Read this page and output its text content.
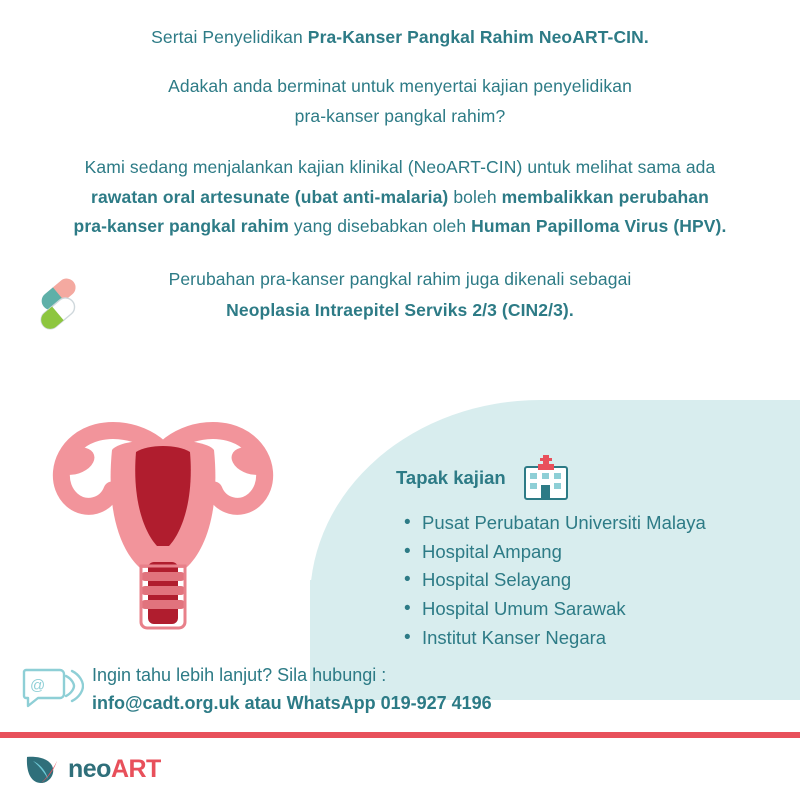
Sertai Penyelidikan Pra-Kanser Pangkal Rahim NeoART-CIN.
Adakah anda berminat untuk menyertai kajian penyelidikan
pra-kanser pangkal rahim?
Kami sedang menjalankan kajian klinikal (NeoART-CIN) untuk melihat sama ada
rawatan oral artesunate (ubat anti-malaria) boleh membalikkan perubahan
pra-kanser pangkal rahim yang disebabkan oleh Human Papilloma Virus (HPV).
Perubahan pra-kanser pangkal rahim juga dikenali sebagai
Neoplasia Intraepitel Serviks 2/3 (CIN2/3).
Tapak kajian
• Pusat Perubatan Universiti Malaya
• Hospital Ampang
• Hospital Selayang
• Hospital Umum Sarawak
• Institut Kanser Negara
@
Ingin tahu lebih lanjut? Sila hubungi :
info@cadt.org.uk atau WhatsApp 019-927 4196
neoART
